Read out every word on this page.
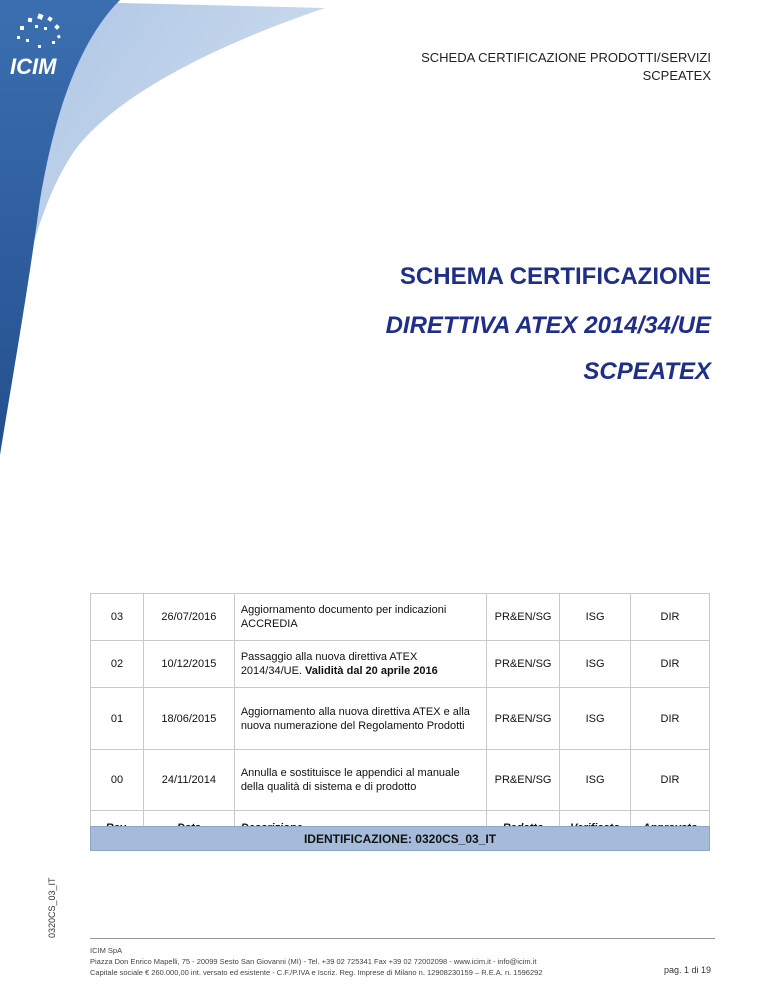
ICIM	SCHEDA CERTIFICAZIONE PRODOTTI/SERVIZI
SCPEATEX
SCHEMA CERTIFICAZIONE
DIRETTIVA ATEX 2014/34/UE
SCPEATEX
03	26/07/2016	Aggiornamento documento per indicazioni ACCREDIA	PR&EN/SG	ISG	DIR
02	10/12/2015	Passaggio alla nuova direttiva ATEX 2014/34/UE. Validità dal 20 aprile 2016	PR&EN/SG	ISG	DIR
01	18/06/2015	Aggiornamento alla nuova direttiva ATEX e alla nuova numerazione del Regolamento Prodotti	PR&EN/SG	ISG	DIR
00	24/11/2014	Annulla e sostituisce le appendici al manuale della qualità di sistema e di prodotto	PR&EN/SG	ISG	DIR

IDENTIFICAZIONE: 0320CS_03_IT
0320CS_03_IT
ICIM SpA
Piazza Don Enrico Mapelli, 75 - 20099 Sesto San Giovanni (MI) - Tel. +39 02 725341 Fax +39 02 72002098 - www.icim.it - info@icim.it
Capitale sociale € 260.000,00 int. versato ed esistente - C.F./P.IVA e Iscriz. Reg. Imprese di Milano n. 12908230159 – R.E.A. n. 1596292	pag. 1 di 19
